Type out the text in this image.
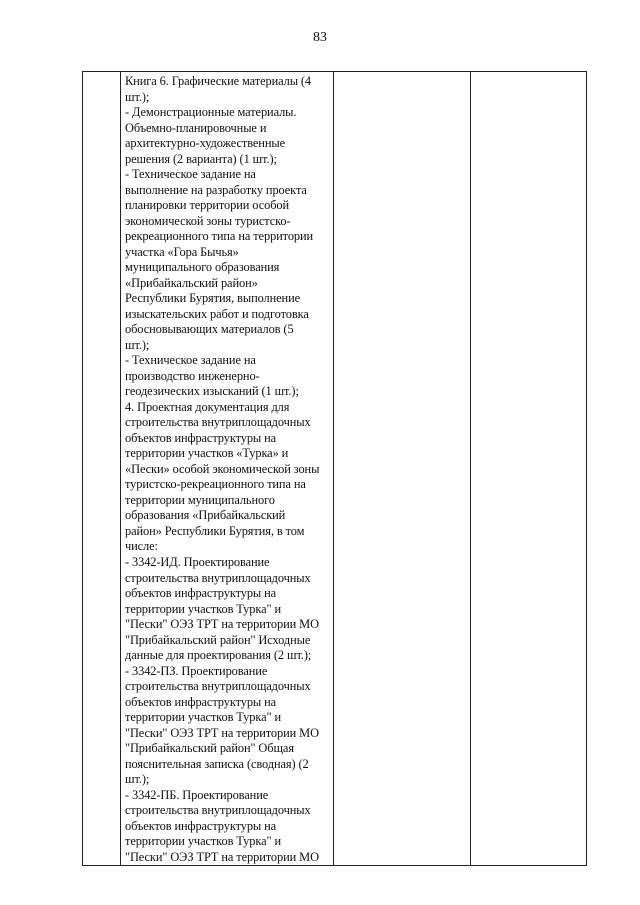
83

Книга 6. Графические материалы (4
шт.);
- Демонстрационные материалы.
Объемно-планировочные и
архитектурно-художественные
решения (2 варианта) (1 шт.);
- Техническое задание на
выполнение на разработку проекта
планировки территории особой
экономической зоны туристско-
рекреационного типа на территории
участка «Гора Бычья»
муниципального образования
«Прибайкальский район»
Республики Бурятия, выполнение
изыскательских работ и подготовка
обосновывающих материалов (5
шт.);
- Техническое задание на
производство инженерно-
геодезических изысканий (1 шт.);
4. Проектная документация для
строительства внутриплощадочных
объектов инфраструктуры на
территории участков «Турка» и
«Пески» особой экономической зоны
туристско-рекреационного типа на
территории муниципального
образования «Прибайкальский
район» Республики Бурятия, в том
числе:
- 3342-ИД. Проектирование
строительства внутриплощадочных
объектов инфраструктуры на
территории участков Турка" и
"Пески" ОЭЗ ТРТ на территории МО
"Прибайкальский район" Исходные
данные для проектирования (2 шт.);
- 3342-ПЗ. Проектирование
строительства внутриплощадочных
объектов инфраструктуры на
территории участков Турка" и
"Пески" ОЭЗ ТРТ на территории МО
"Прибайкальский район" Общая
пояснительная записка (сводная) (2
шт.);
- 3342-ПБ. Проектирование
строительства внутриплощадочных
объектов инфраструктуры на
территории участков Турка" и
"Пески" ОЭЗ ТРТ на территории МО
